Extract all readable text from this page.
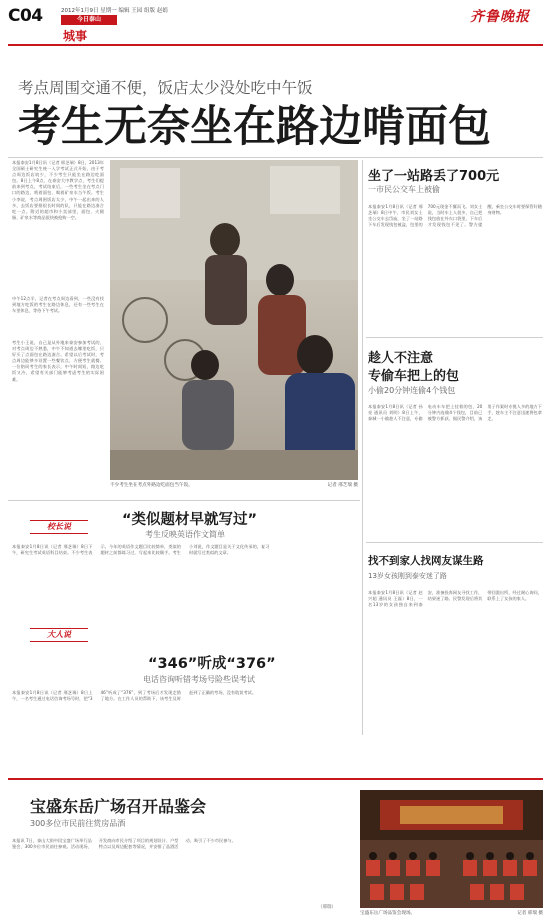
C04	2012年1月9日 星期一 编辑 王园 组版 赵娟
今日泰山
城事
齐鲁晚报
考点周围交通不便，饭店太少没处吃中午饭
考生无奈坐在路边啃面包
本报泰安1月8日讯（记者 邢芝瑞）8日，2013年全国硕士研究生统一入学考试正式开始，由于考点周边饭店较少，不少考生只能坐在路边吃面包。8日上午8点，在泰安大中教学点，考生们提前来到考点，考试结束后，一些考生坐在考点门口的路边，啃着面包、喝着矿泉水当午饭。考生小李说，考点周围饭店太少，中午一起出来的人多，去饭店要排很长时间的队，只能在路边凑合吃一点。附近的超市和小卖部里，面包、火腿肠、矿泉水等商品很快被抢购一空。
中午12点半，记者在考点周边看到，一些没有找到地方吃饭的考生在路边休息，还有一些考生在车里休息，等待下午考试。
考生小王说，自己是从外地来泰安参加考试的，对考点周边不熟悉，中午不知道去哪里吃饭，只好买了点面包在路边凑合。希望以后考试时，考点周边能够多设置一些餐饮点，方便考生就餐。一位陪同考生的家长表示，中午时间短，路边吃饭又冷，希望有关部门能够考虑考生的实际困难。
不少考生坐在考点外路边吃面包当午饭。	记者 邢芝瑞 摄
坐了一站路丢了700元
一市民公交车上被偷
本报泰安1月8日讯（记者 邢芝瑞）8日中午，市民刘女士坐公交车去岱庙，坐了一站路下车后发现钱包被盗，包里的700元现金不翼而飞。刘女士说，当时车上人很多，自己把钱包放在外衣口袋里，下车后才发现钱包不见了。警方提醒，乘坐公交车时要保管好随身财物。
趁人不注意
专偷车把上的包
小偷20分钟连偷4个钱包
本报泰安1月8日讯（记者 孙亮 通讯员 刘明）8日上午，泰城一小偷趁人不注意，专偷电动车车把上挂着的包，20分钟内连偷4个钱包，目前已被警方抓获。据民警介绍，该男子作案时专挑人多的地方下手，趁车主不注意迅速将包拿走。
找不到家人找网友谋生路
13岁女孩刚到泰安迷了路
本报泰安1月8日讯（记者 赵兴超 通讯员 王磊）8日，一名13岁的女孩独自来到泰安，准备投奔网友寻找工作，结果迷了路。民警发现后将其带回派出所，经过耐心询问，联系上了女孩的家人。
校长说	“类似题材早就写过”
考生反映英语作文简单
本报泰安1月8日讯（记者 邢芝瑞）8日下午，研究生考试英语科目结束。不少考生表示，今年的英语作文题目比较简单，类似的题材之前都练习过，写起来比较顺手。考生小刘说，作文题目是关于文化传承的，复习时就写过类似的文章。
大人说
“346”听成“376”
电话咨询听错考场号险些误考试
本报泰安1月8日讯（记者 邢芝瑞）8日上午，一名考生通过电话咨询考场号时，把“346”听成了“376”，到了考场后才发现走错了地方。在工作人员的帮助下，该考生及时赶到了正确的考场，没有耽误考试。
宝盛东岳广场召开品鉴会
300多位市民前往赏房品酒
本报讯 7日，泰山大街中段宝盛广场举行品鉴会，300多位市民前往参观。活动现场，开发商向市民介绍了项目的规划设计、户型特点以及周边配套等情况，并安排了品酒活动，吸引了不少市民参与。
（邢瑞）
宝盛东岳广场品鉴会现场。	记者 邢瑞 摄
